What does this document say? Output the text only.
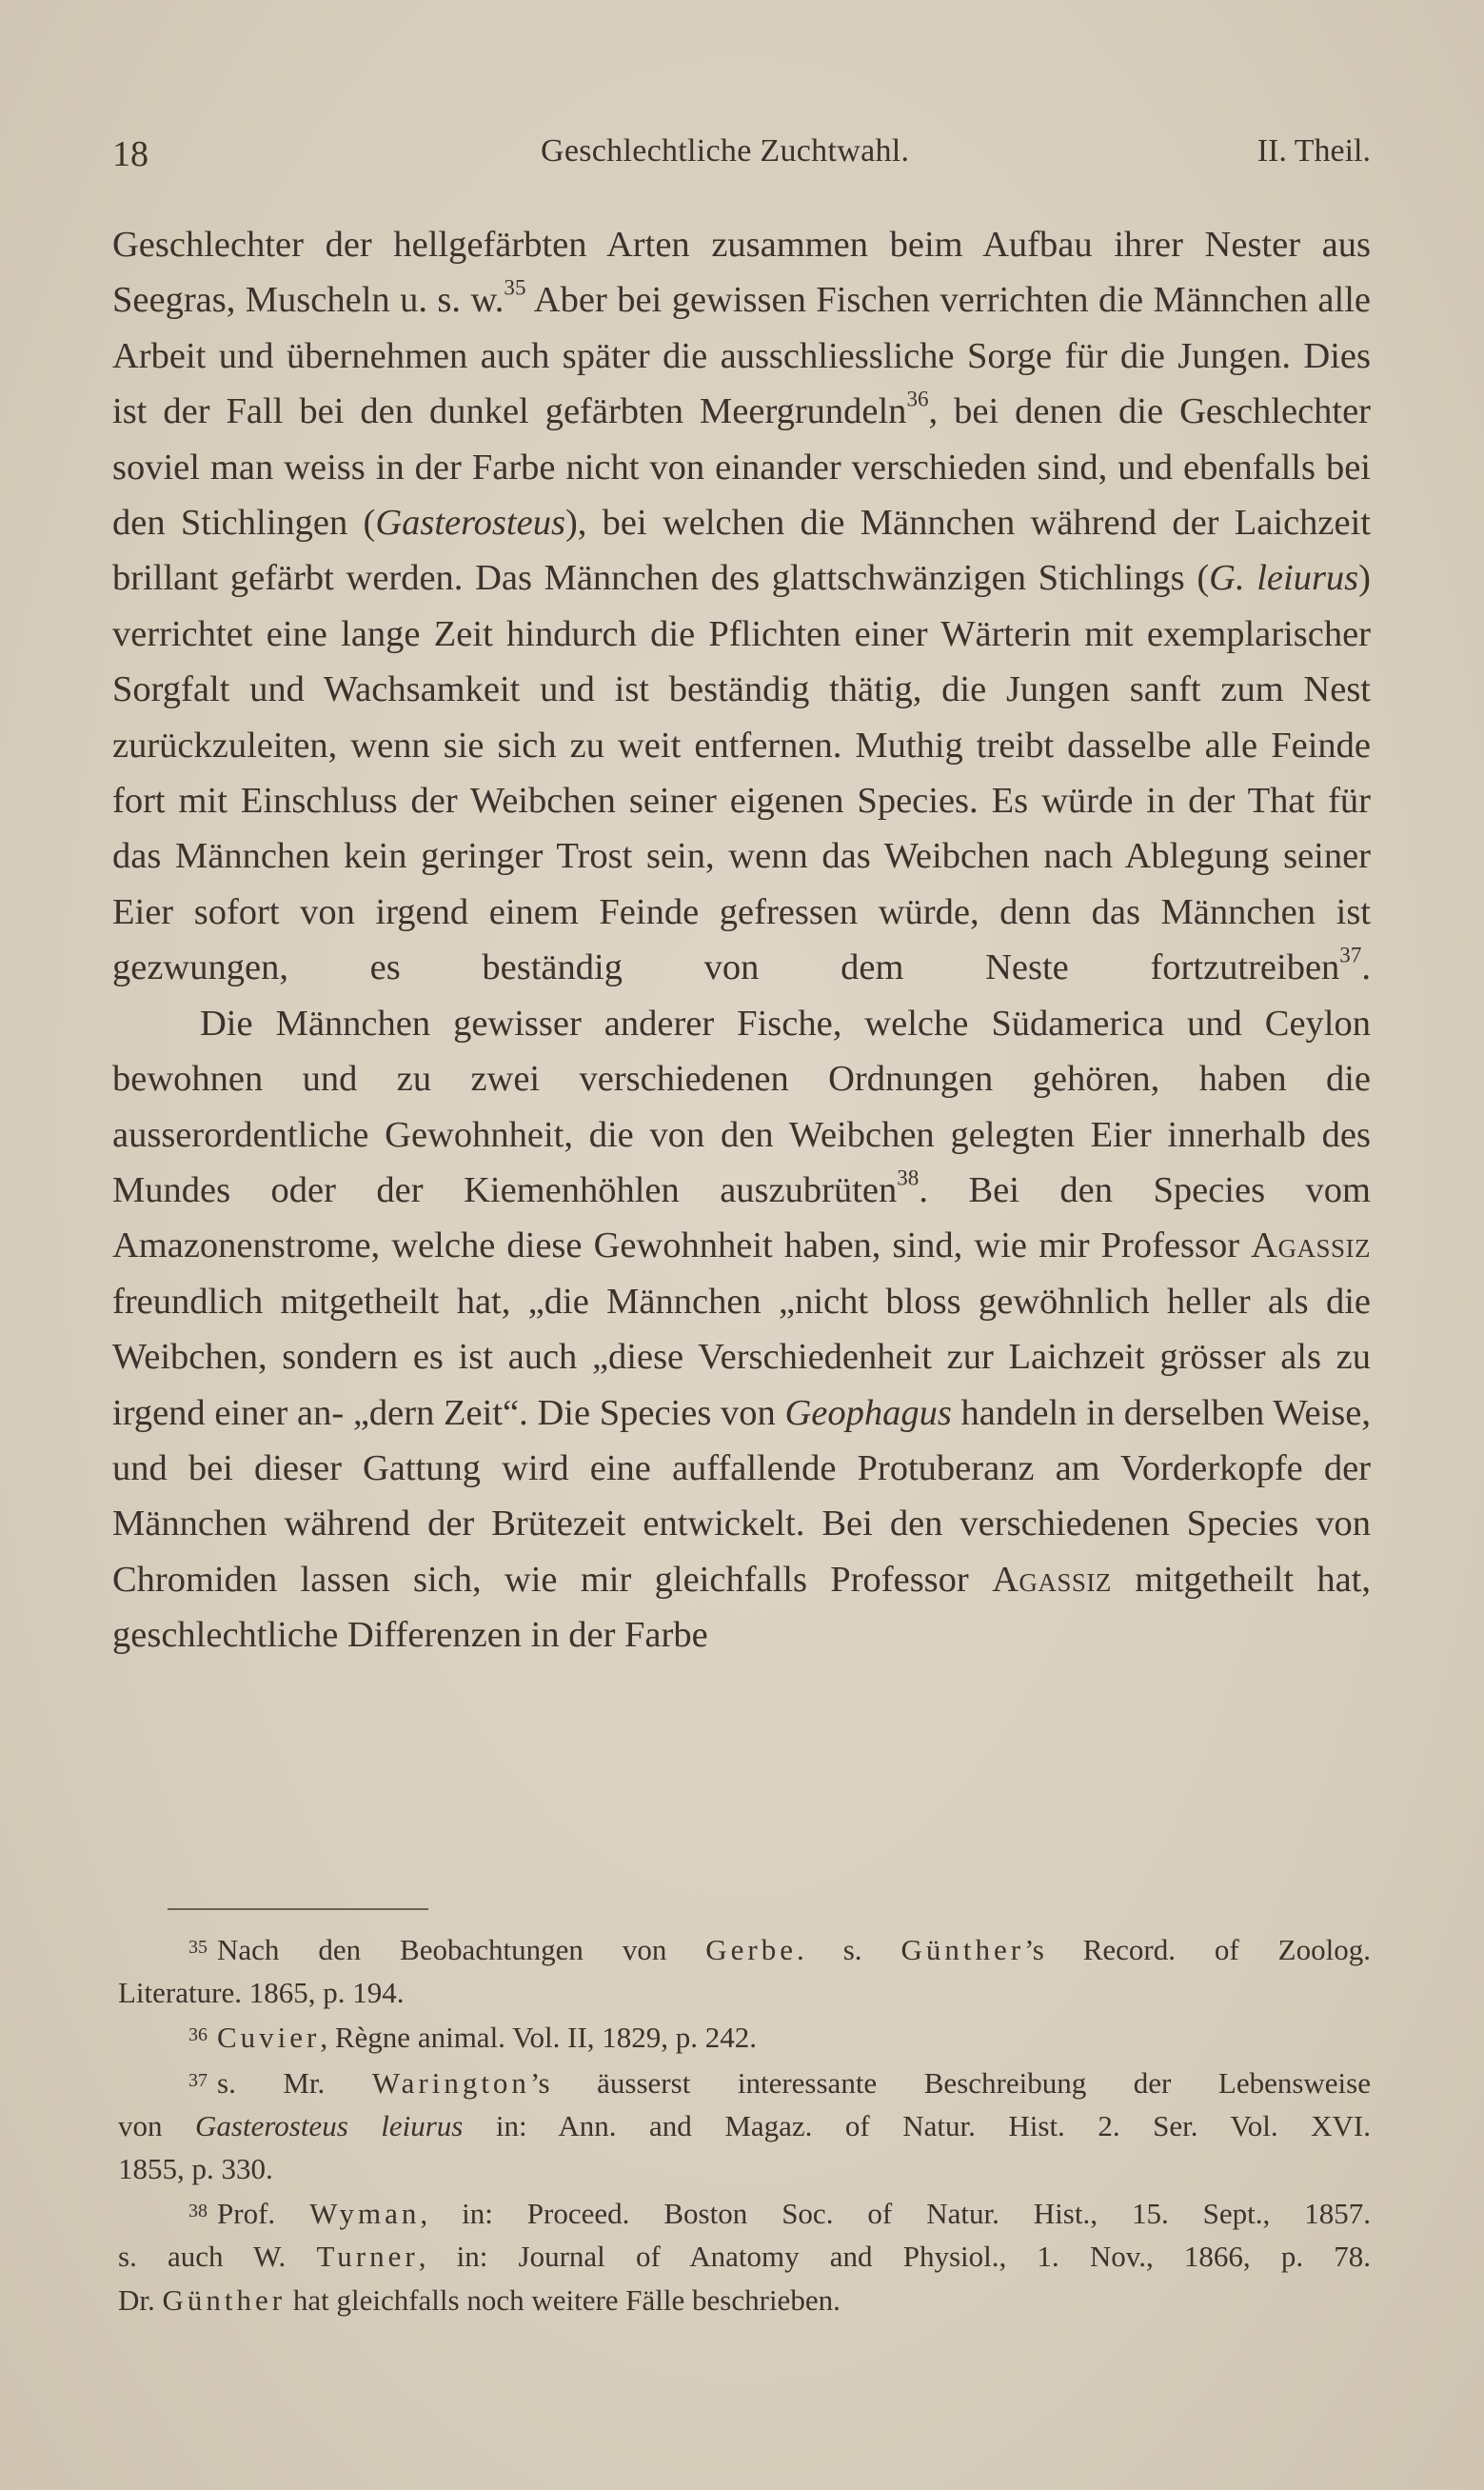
18	Geschlechtliche Zuchtwahl.	II. Theil.

Geschlechter der hellgefärbten Arten zusammen beim Aufbau ihrer Nester aus Seegras, Muscheln u. s. w.$^{35}$ Aber bei gewissen Fischen verrichten die Männchen alle Arbeit und übernehmen auch später die ausschliessliche Sorge für die Jungen. Dies ist der Fall bei den dunkel gefärbten Meergrundeln$^{36}$, bei denen die Geschlechter soviel man weiss in der Farbe nicht von einander verschieden sind, und ebenfalls bei den Stichlingen (Gasterosteus), bei welchen die Männchen während der Laichzeit brillant gefärbt werden. Das Männchen des glattschwänzigen Stichlings (G. leiurus) verrichtet eine lange Zeit hindurch die Pflichten einer Wärterin mit exemplarischer Sorgfalt und Wachsamkeit und ist beständig thätig, die Jungen sanft zum Nest zurückzuleiten, wenn sie sich zu weit entfernen. Muthig treibt dasselbe alle Feinde fort mit Einschluss der Weibchen seiner eigenen Species. Es würde in der That für das Männchen kein geringer Trost sein, wenn das Weibchen nach Ablegung seiner Eier sofort von irgend einem Feinde gefressen würde, denn das Männchen ist gezwungen, es beständig von dem Neste fortzutreiben$^{37}$.

Die Männchen gewisser anderer Fische, welche Südamerica und Ceylon bewohnen und zu zwei verschiedenen Ordnungen gehören, haben die ausserordentliche Gewohnheit, die von den Weibchen gelegten Eier innerhalb des Mundes oder der Kiemenhöhlen auszubrüten$^{38}$. Bei den Species vom Amazonenstrome, welche diese Gewohnheit haben, sind, wie mir Professor Agassiz freundlich mitgetheilt hat, „die Männchen „nicht bloss gewöhnlich heller als die Weibchen, sondern es ist auch „diese Verschiedenheit zur Laichzeit grösser als zu irgend einer an- „dern Zeit“. Die Species von Geophagus handeln in derselben Weise, und bei dieser Gattung wird eine auffallende Protuberanz am Vorderkopfe der Männchen während der Brütezeit entwickelt. Bei den verschiedenen Species von Chromiden lassen sich, wie mir gleichfalls Professor Agassiz mitgetheilt hat, geschlechtliche Differenzen in der Farbe

$^{35}$ Nach den Beobachtungen von Gerbe. s. Günther’s Record. of Zoolog.
Literature. 1865, p. 194.
$^{36}$ Cuvier, Règne animal. Vol. II, 1829, p. 242.
$^{37}$ s. Mr. Warington’s äusserst interessante Beschreibung der Lebensweise
von Gasterosteus leiurus in: Ann. and Magaz. of Natur. Hist. 2. Ser. Vol. XVI.
1855, p. 330.
$^{38}$ Prof. Wyman, in: Proceed. Boston Soc. of Natur. Hist., 15. Sept., 1857.
s. auch W. Turner, in: Journal of Anatomy and Physiol., 1. Nov., 1866, p. 78.
Dr. Günther hat gleichfalls noch weitere Fälle beschrieben.
